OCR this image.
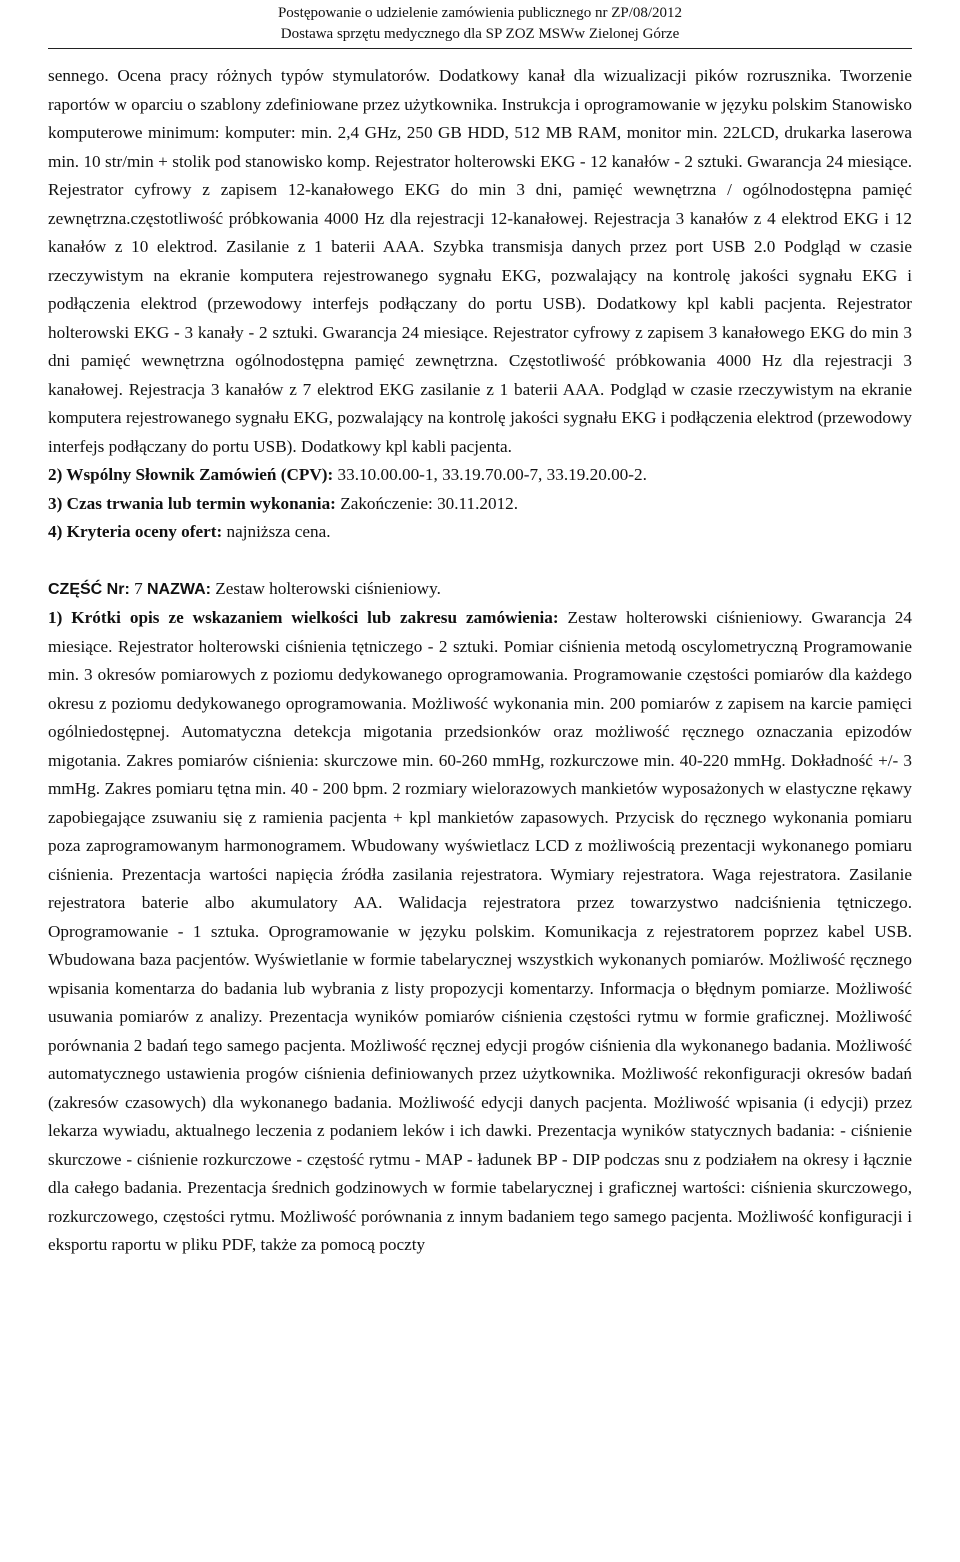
Postępowanie o udzielenie zamówienia publicznego nr ZP/08/2012
Dostawa sprzętu medycznego dla SP ZOZ MSWw Zielonej Górze

sennego. Ocena pracy różnych typów stymulatorów. Dodatkowy kanał dla wizualizacji pików rozrusznika. Tworzenie raportów w oparciu o szablony zdefiniowane przez użytkownika. Instrukcja i oprogramowanie w języku polskim Stanowisko komputerowe minimum: komputer: min. 2,4 GHz, 250 GB HDD, 512 MB RAM, monitor min. 22LCD, drukarka laserowa min. 10 str/min + stolik pod stanowisko komp. Rejestrator holterowski EKG - 12 kanałów - 2 sztuki. Gwarancja 24 miesiące. Rejestrator cyfrowy z zapisem 12-kanałowego EKG do min 3 dni, pamięć wewnętrzna / ogólnodostępna pamięć zewnętrzna.częstotliwość próbkowania 4000 Hz dla rejestracji 12-kanałowej. Rejestracja 3 kanałów z 4 elektrod EKG i 12 kanałów z 10 elektrod. Zasilanie z 1 baterii AAA. Szybka transmisja danych przez port USB 2.0 Podgląd w czasie rzeczywistym na ekranie komputera rejestrowanego sygnału EKG, pozwalający na kontrolę jakości sygnału EKG i podłączenia elektrod (przewodowy interfejs podłączany do portu USB). Dodatkowy kpl kabli pacjenta. Rejestrator holterowski EKG - 3 kanały - 2 sztuki. Gwarancja 24 miesiące. Rejestrator cyfrowy z zapisem 3 kanałowego EKG do min 3 dni pamięć wewnętrzna ogólnodostępna pamięć zewnętrzna. Częstotliwość próbkowania 4000 Hz dla rejestracji 3 kanałowej. Rejestracja 3 kanałów z 7 elektrod EKG zasilanie z 1 baterii AAA. Podgląd w czasie rzeczywistym na ekranie komputera rejestrowanego sygnału EKG, pozwalający na kontrolę jakości sygnału EKG i podłączenia elektrod (przewodowy interfejs podłączany do portu USB). Dodatkowy kpl kabli pacjenta.

2) Wspólny Słownik Zamówień (CPV): 33.10.00.00-1, 33.19.70.00-7, 33.19.20.00-2.

3) Czas trwania lub termin wykonania: Zakończenie: 30.11.2012.

4) Kryteria oceny ofert: najniższa cena.

CZĘŚĆ Nr: 7 NAZWA: Zestaw holterowski ciśnieniowy.

1) Krótki opis ze wskazaniem wielkości lub zakresu zamówienia: Zestaw holterowski ciśnieniowy. Gwarancja 24 miesiące. Rejestrator holterowski ciśnienia tętniczego - 2 sztuki. Pomiar ciśnienia metodą oscylometryczną Programowanie min. 3 okresów pomiarowych z poziomu dedykowanego oprogramowania. Programowanie częstości pomiarów dla każdego okresu z poziomu dedykowanego oprogramowania. Możliwość wykonania min. 200 pomiarów z zapisem na karcie pamięci ogólniedostępnej. Automatyczna detekcja migotania przedsionków oraz możliwość ręcznego oznaczania epizodów migotania. Zakres pomiarów ciśnienia: skurczowe min. 60-260 mmHg, rozkurczowe min. 40-220 mmHg. Dokładność +/- 3 mmHg. Zakres pomiaru tętna min. 40 - 200 bpm. 2 rozmiary wielorazowych mankietów wyposażonych w elastyczne rękawy zapobiegające zsuwaniu się z ramienia pacjenta + kpl mankietów zapasowych. Przycisk do ręcznego wykonania pomiaru poza zaprogramowanym harmonogramem. Wbudowany wyświetlacz LCD z możliwością prezentacji wykonanego pomiaru ciśnienia. Prezentacja wartości napięcia źródła zasilania rejestratora. Wymiary rejestratora. Waga rejestratora. Zasilanie rejestratora baterie albo akumulatory AA. Walidacja rejestratora przez towarzystwo nadciśnienia tętniczego. Oprogramowanie - 1 sztuka. Oprogramowanie w języku polskim. Komunikacja z rejestratorem poprzez kabel USB. Wbudowana baza pacjentów. Wyświetlanie w formie tabelarycznej wszystkich wykonanych pomiarów. Możliwość ręcznego wpisania komentarza do badania lub wybrania z listy propozycji komentarzy. Informacja o błędnym pomiarze. Możliwość usuwania pomiarów z analizy. Prezentacja wyników pomiarów ciśnienia częstości rytmu w formie graficznej. Możliwość porównania 2 badań tego samego pacjenta. Możliwość ręcznej edycji progów ciśnienia dla wykonanego badania. Możliwość automatycznego ustawienia progów ciśnienia definiowanych przez użytkownika. Możliwość rekonfiguracji okresów badań (zakresów czasowych) dla wykonanego badania. Możliwość edycji danych pacjenta. Możliwość wpisania (i edycji) przez lekarza wywiadu, aktualnego leczenia z podaniem leków i ich dawki. Prezentacja wyników statycznych badania: - ciśnienie skurczowe - ciśnienie rozkurczowe - częstość rytmu - MAP - ładunek BP - DIP podczas snu z podziałem na okresy i łącznie dla całego badania. Prezentacja średnich godzinowych w formie tabelarycznej i graficznej wartości: ciśnienia skurczowego, rozkurczowego, częstości rytmu. Możliwość porównania z innym badaniem tego samego pacjenta. Możliwość konfiguracji i eksportu raportu w pliku PDF, także za pomocą poczty
